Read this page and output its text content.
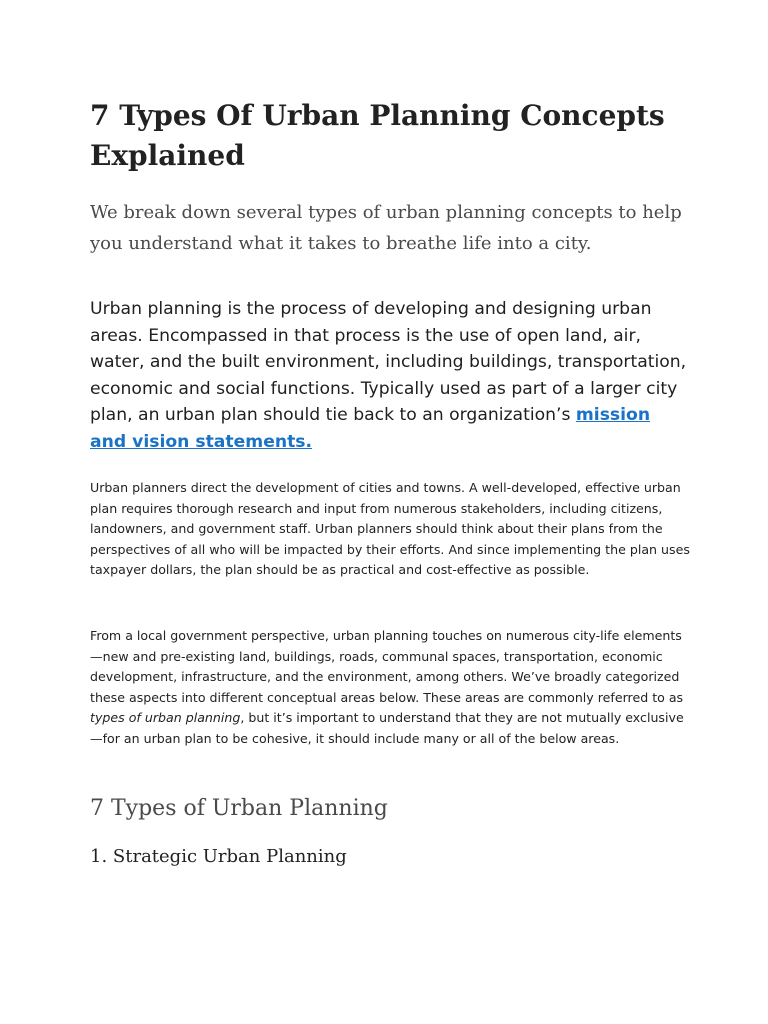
7 Types Of Urban Planning Concepts Explained

We break down several types of urban planning concepts to help you understand what it takes to breathe life into a city.

Urban planning is the process of developing and designing urban areas. Encompassed in that process is the use of open land, air, water, and the built environment, including buildings, transportation, economic and social functions. Typically used as part of a larger city plan, an urban plan should tie back to an organization’s mission and vision statements.

Urban planners direct the development of cities and towns. A well-developed, effective urban plan requires thorough research and input from numerous stakeholders, including citizens, landowners, and government staff. Urban planners should think about their plans from the perspectives of all who will be impacted by their efforts. And since implementing the plan uses taxpayer dollars, the plan should be as practical and cost-effective as possible.

From a local government perspective, urban planning touches on numerous city-life elements—new and pre-existing land, buildings, roads, communal spaces, transportation, economic development, infrastructure, and the environment, among others. We’ve broadly categorized these aspects into different conceptual areas below. These areas are commonly referred to as types of urban planning, but it’s important to understand that they are not mutually exclusive—for an urban plan to be cohesive, it should include many or all of the below areas.

7 Types of Urban Planning
1. Strategic Urban Planning
